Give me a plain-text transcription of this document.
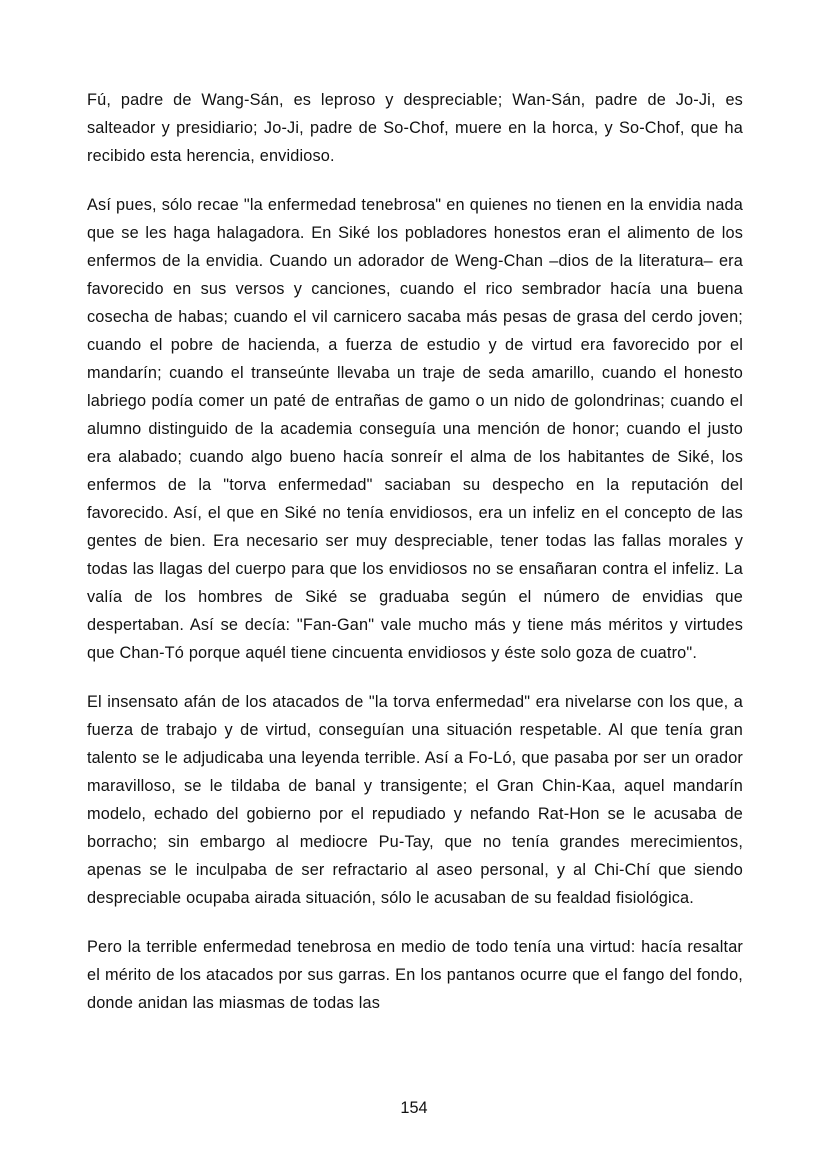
Fú, padre de Wang-Sán, es leproso y despreciable; Wan-Sán, padre de Jo-Ji, es salteador y presidiario; Jo-Ji, padre de So-Chof, muere en la horca, y So-Chof, que ha recibido esta herencia, envidioso.

Así pues, sólo recae "la enfermedad tenebrosa" en quienes no tienen en la envidia nada que se les haga halagadora. En Siké los pobladores honestos eran el alimento de los enfermos de la envidia. Cuando un adorador de Weng-Chan –dios de la literatura– era favorecido en sus versos y canciones, cuando el rico sembrador hacía una buena cosecha de habas; cuando el vil carnicero sacaba más pesas de grasa del cerdo joven; cuando el pobre de hacienda, a fuerza de estudio y de virtud era favorecido por el mandarín; cuando el transeúnte llevaba un traje de seda amarillo, cuando el honesto labriego podía comer un paté de entrañas de gamo o un nido de golondrinas; cuando el alumno distinguido de la academia conseguía una mención de honor; cuando el justo era alabado; cuando algo bueno hacía sonreír el alma de los habitantes de Siké, los enfermos de la "torva enfermedad" saciaban su despecho en la reputación del favorecido. Así, el que en Siké no tenía envidiosos, era un infeliz en el concepto de las gentes de bien. Era necesario ser muy despreciable, tener todas las fallas morales y todas las llagas del cuerpo para que los envidiosos no se ensañaran contra el infeliz. La valía de los hombres de Siké se graduaba según el número de envidias que despertaban. Así se decía: "Fan-Gan" vale mucho más y tiene más méritos y virtudes que Chan-Tó porque aquél tiene cincuenta envidiosos y éste solo goza de cuatro".

El insensato afán de los atacados de "la torva enfermedad" era nivelarse con los que, a fuerza de trabajo y de virtud, conseguían una situación respetable. Al que tenía gran talento se le adjudicaba una leyenda terrible. Así a Fo-Ló, que pasaba por ser un orador maravilloso, se le tildaba de banal y transigente; el Gran Chin-Kaa, aquel mandarín modelo, echado del gobierno por el repudiado y nefando Rat-Hon se le acusaba de borracho; sin embargo al mediocre Pu-Tay, que no tenía grandes merecimientos, apenas se le inculpaba de ser refractario al aseo personal, y al Chi-Chí que siendo despreciable ocupaba airada situación, sólo le acusaban de su fealdad fisiológica.

Pero la terrible enfermedad tenebrosa en medio de todo tenía una virtud: hacía resaltar el mérito de los atacados por sus garras. En los pantanos ocurre que el fango del fondo, donde anidan las miasmas de todas las

154
